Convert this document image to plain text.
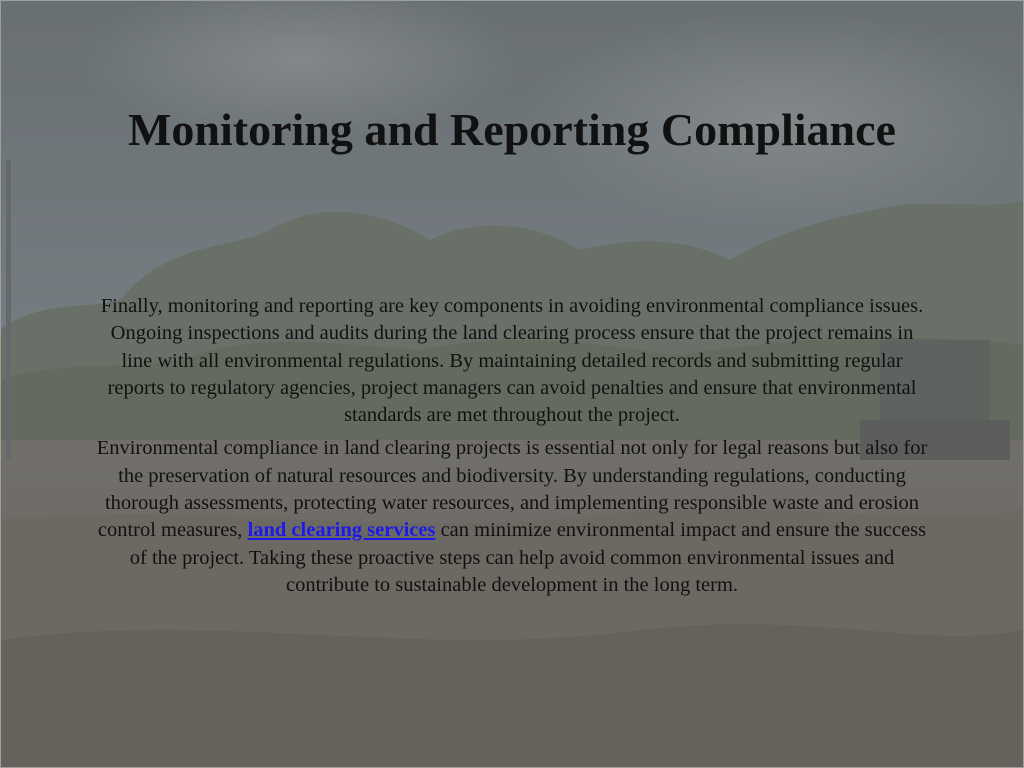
Monitoring and Reporting Compliance

Finally, monitoring and reporting are key components in avoiding environmental compliance issues. Ongoing inspections and audits during the land clearing process ensure that the project remains in line with all environmental regulations. By maintaining detailed records and submitting regular reports to regulatory agencies, project managers can avoid penalties and ensure that environmental standards are met throughout the project.

Environmental compliance in land clearing projects is essential not only for legal reasons but also for the preservation of natural resources and biodiversity. By understanding regulations, conducting thorough assessments, protecting water resources, and implementing responsible waste and erosion control measures, land clearing services can minimize environmental impact and ensure the success of the project. Taking these proactive steps can help avoid common environmental issues and contribute to sustainable development in the long term.
